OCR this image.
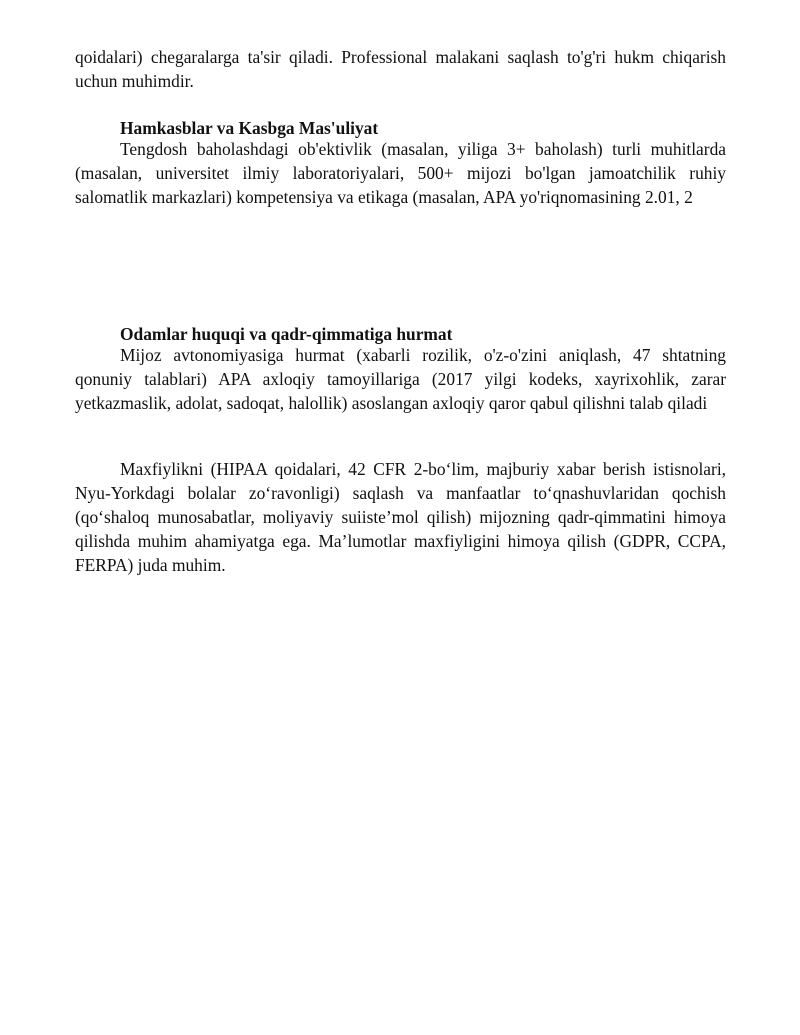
qoidalari) chegaralarga ta'sir qiladi. Professional malakani saqlash to'g'ri hukm chiqarish uchun muhimdir.

Hamkasblar va Kasbga Mas'uliyat

Tengdosh baholashdagi ob'ektivlik (masalan, yiliga 3+ baholash) turli muhitlarda (masalan, universitet ilmiy laboratoriyalari, 500+ mijozi bo'lgan jamoatchilik ruhiy salomatlik markazlari) kompetensiya va etikaga (masalan, APA yo'riqnomasining 2.01, 2

Odamlar huquqi va qadr-qimmatiga hurmat

Mijoz avtonomiyasiga hurmat (xabarli rozilik, o'z-o'zini aniqlash, 47 shtatning qonuniy talablari) APA axloqiy tamoyillariga (2017 yilgi kodeks, xayrixohlik, zarar yetkazmaslik, adolat, sadoqat, halollik) asoslangan axloqiy qaror qabul qilishni talab qiladi

Maxfiylikni (HIPAA qoidalari, 42 CFR 2-bo‘lim, majburiy xabar berish istisnolari, Nyu-Yorkdagi bolalar zo‘ravonligi) saqlash va manfaatlar to‘qnashuvlaridan qochish (qo‘shaloq munosabatlar, moliyaviy suiiste’mol qilish) mijozning qadr-qimmatini himoya qilishda muhim ahamiyatga ega. Ma’lumotlar maxfiyligini himoya qilish (GDPR, CCPA, FERPA) juda muhim.
